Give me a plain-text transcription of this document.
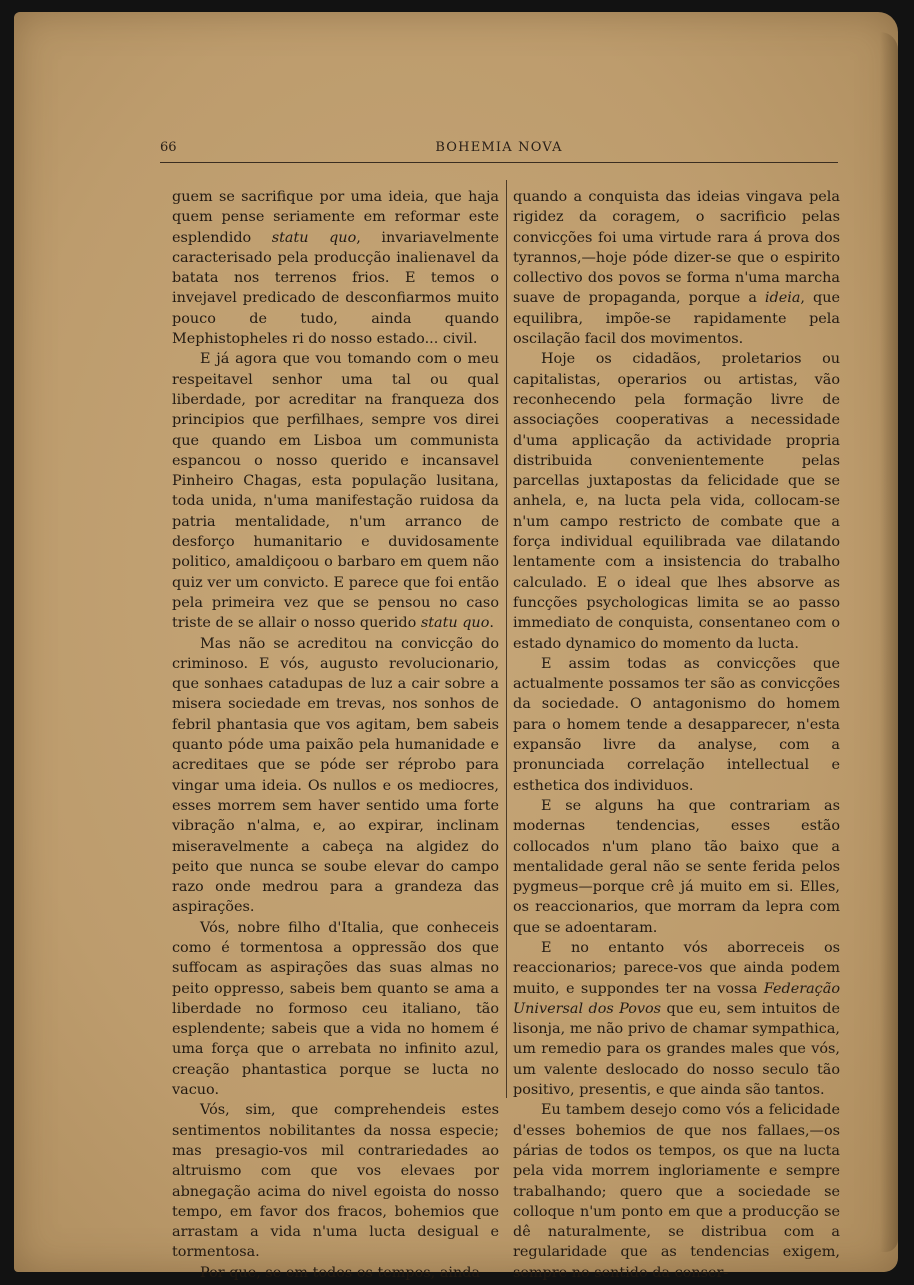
66	BOHEMIA NOVA

guem se sacrifique por uma ideia, que haja quem pense seriamente em reformar este esplendido statu quo, invariavelmente caracterisado pela producção inalienavel da batata nos terrenos frios. E temos o invejavel predicado de desconfiarmos muito pouco de tudo, ainda quando Mephistopheles ri do nosso estado... civil.

E já agora que vou tomando com o meu respeitavel senhor uma tal ou qual liberdade, por acreditar na franqueza dos principios que perfilhaes, sempre vos direi que quando em Lisboa um communista espancou o nosso querido e incansavel Pinheiro Chagas, esta população lusitana, toda unida, n'uma manifestação ruidosa da patria mentalidade, n'um arranco de desforço humanitario e duvidosamente politico, amaldiçoou o barbaro em quem não quiz ver um convicto. E parece que foi então pela primeira vez que se pensou no caso triste de se allair o nosso querido statu quo.

Mas não se acreditou na convicção do criminoso. E vós, augusto revolucionario, que sonhaes catadupas de luz a cair sobre a misera sociedade em trevas, nos sonhos de febril phantasia que vos agitam, bem sabeis quanto póde uma paixão pela humanidade e acreditaes que se póde ser réprobo para vingar uma ideia. Os nullos e os mediocres, esses morrem sem haver sentido uma forte vibração n'alma, e, ao expirar, inclinam miseravelmente a cabeça na algidez do peito que nunca se soube elevar do campo razo onde medrou para a grandeza das aspirações.

Vós, nobre filho d'Italia, que conheceis como é tormentosa a oppressão dos que suffocam as aspirações das suas almas no peito oppresso, sabeis bem quanto se ama a liberdade no formoso ceu italiano, tão esplendente; sabeis que a vida no homem é uma força que o arrebata no infinito azul, creação phantastica porque se lucta no vacuo.

Vós, sim, que comprehendeis estes sentimentos nobilitantes da nossa especie; mas presagio-vos mil contrariedades ao altruismo com que vos elevaes por abnegação acima do nivel egoista do nosso tempo, em favor dos fracos, bohemios que arrastam a vida n'uma lucta desigual e tormentosa.

Por que, se em todos os tempos, ainda

quando a conquista das ideias vingava pela rigidez da coragem, o sacrificio pelas convicções foi uma virtude rara á prova dos tyrannos,—hoje póde dizer-se que o espirito collectivo dos povos se forma n'uma marcha suave de propaganda, porque a ideia, que equilibra, impõe-se rapidamente pela oscilação facil dos movimentos.

Hoje os cidadãos, proletarios ou capitalistas, operarios ou artistas, vão reconhecendo pela formação livre de associações cooperativas a necessidade d'uma applicação da actividade propria distribuida convenientemente pelas parcellas juxtapostas da felicidade que se anhela, e, na lucta pela vida, collocam-se n'um campo restricto de combate que a força individual equilibrada vae dilatando lentamente com a insistencia do trabalho calculado. E o ideal que lhes absorve as funcções psychologicas limita se ao passo immediato de conquista, consentaneo com o estado dynamico do momento da lucta.

E assim todas as convicções que actualmente possamos ter são as convicções da sociedade. O antagonismo do homem para o homem tende a desapparecer, n'esta expansão livre da analyse, com a pronunciada correlação intellectual e esthetica dos individuos.

E se alguns ha que contrariam as modernas tendencias, esses estão collocados n'um plano tão baixo que a mentalidade geral não se sente ferida pelos pygmeus—porque crê já muito em si. Elles, os reaccionarios, que morram da lepra com que se adoentaram.

E no entanto vós aborreceis os reaccionarios; parece-vos que ainda podem muito, e suppondes ter na vossa Federação Universal dos Povos que eu, sem intuitos de lisonja, me não privo de chamar sympathica, um remedio para os grandes males que vós, um valente deslocado do nosso seculo tão positivo, presentis, e que ainda são tantos.

Eu tambem desejo como vós a felicidade d'esses bohemios de que nos fallaes,—os párias de todos os tempos, os que na lucta pela vida morrem ingloriamente e sempre trabalhando; quero que a sociedade se colloque n'um ponto em que a producção se dê naturalmente, se distribua com a regularidade que as tendencias exigem, sempre no sentido da conser-
